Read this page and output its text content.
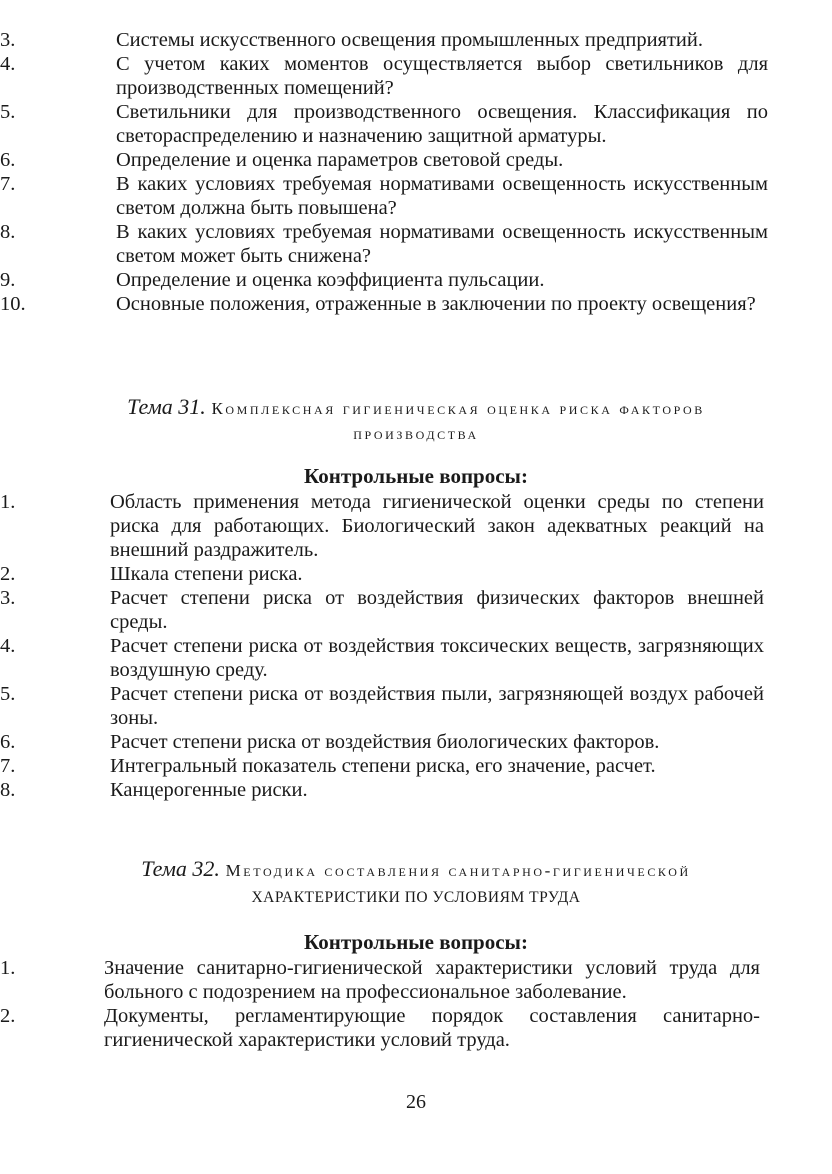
3.	Системы искусственного освещения промышленных предприятий.
4.	С учетом каких моментов осуществляется выбор светильников для производственных помещений?
5.	Светильники для производственного освещения. Классификация по светораспределению и назначению защитной арматуры.
6.	Определение и оценка параметров световой среды.
7.	В каких условиях требуемая нормативами освещенность искусственным светом должна быть повышена?
8.	В каких условиях требуемая нормативами освещенность искусственным светом может быть снижена?
9.	Определение и оценка коэффициента пульсации.
10.	Основные положения, отраженные в заключении по проекту освещения?
Тема 31. Комплексная гигиеническая оценка риска факторов
производства
Контрольные вопросы:
1.	Область применения метода гигиенической оценки среды по степени риска для работающих. Биологический закон адекватных реакций на внешний раздражитель.
2.	Шкала степени риска.
3.	Расчет степени риска от воздействия физических факторов внешней среды.
4.	Расчет степени риска от воздействия токсических веществ, загрязняющих воздушную среду.
5.	Расчет степени риска от воздействия пыли, загрязняющей воздух рабочей зоны.
6.	Расчет степени риска от воздействия биологических факторов.
7.	Интегральный показатель степени риска, его значение, расчет.
8.	Канцерогенные риски.
Тема 32. Методика составления санитарно-гигиенической
ХАРАКТЕРИСТИКИ ПО УСЛОВИЯМ ТРУДА
Контрольные вопросы:
1.	Значение санитарно-гигиенической характеристики условий труда для больного с подозрением на профессиональное заболевание.
2.	Документы, регламентирующие порядок составления санитарно-гигиенической характеристики условий труда.
26
